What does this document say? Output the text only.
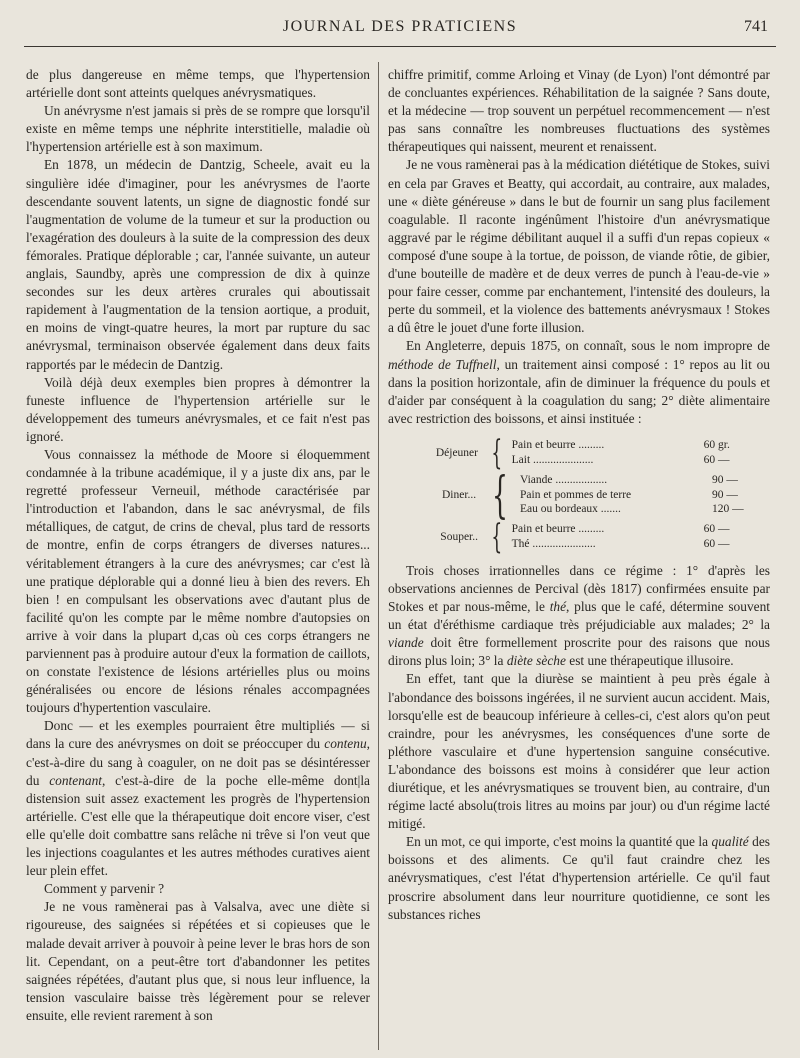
JOURNAL DES PRATICIENS	741

de plus dangereuse en même temps, que l'hypertension artérielle dont sont atteints quelques anévrysmatiques.

Un anévrysme n'est jamais si près de se rompre que lorsqu'il existe en même temps une néphrite interstitielle, maladie où l'hypertension artérielle est à son maximum.

En 1878, un médecin de Dantzig, Scheele, avait eu la singulière idée d'imaginer, pour les anévrysmes de l'aorte descendante souvent latents, un signe de diagnostic fondé sur l'augmentation de volume de la tumeur et sur la production ou l'exagération des douleurs à la suite de la compression des deux fémorales. Pratique déplorable ; car, l'année suivante, un auteur anglais, Saundby, après une compression de dix à quinze secondes sur les deux artères crurales qui aboutissait rapidement à l'augmentation de la tension aortique, a produit, en moins de vingt-quatre heures, la mort par rupture du sac anévrysmal, terminaison observée également dans deux faits rapportés par le médecin de Dantzig.

Voilà déjà deux exemples bien propres à démontrer la funeste influence de l'hypertension artérielle sur le développement des tumeurs anévrysmales, et ce fait n'est pas ignoré.

Vous connaissez la méthode de Moore si éloquemment condamnée à la tribune académique, il y a juste dix ans, par le regretté professeur Verneuil, méthode caractérisée par l'introduction et l'abandon, dans le sac anévrysmal, de fils métalliques, de catgut, de crins de cheval, plus tard de ressorts de montre, enfin de corps étrangers de diverses natures... véritablement étrangers à la cure des anévrysmes; car c'est là une pratique déplorable qui a donné lieu à bien des revers. Eh bien ! en compulsant les observations avec d'autant plus de facilité qu'on les compte par le même nombre d'autopsies on arrive à voir dans la plupart d,cas où ces corps étrangers ne parviennent pas à produire autour d'eux la formation de caillots, on constate l'existence de lésions artérielles plus ou moins généralisées ou encore de lésions rénales accompagnées toujours d'hypertention vasculaire.

Donc — et les exemples pourraient être multipliés — si dans la cure des anévrysmes on doit se préoccuper du contenu, c'est-à-dire du sang à coaguler, on ne doit pas se désintéresser du contenant, c'est-à-dire de la poche elle-même dont|la distension suit assez exactement les progrès de l'hypertension artérielle. C'est elle que la thérapeutique doit encore viser, c'est elle qu'elle doit combattre sans relâche ni trêve si l'on veut que les injections coagulantes et les autres méthodes curatives aient leur plein effet.

Comment y parvenir ?

Je ne vous ramènerai pas à Valsalva, avec une diète si rigoureuse, des saignées si répétées et si copieuses que le malade devait arriver à pouvoir à peine lever le bras hors de son lit. Cependant, on a peut-être tort d'abandonner les petites saignées répétées, d'autant plus que, si nous leur influence, la tension vasculaire baisse très légèrement pour se relever ensuite, elle revient rarement à son

chiffre primitif, comme Arloing et Vinay (de Lyon) l'ont démontré par de concluantes expériences. Réhabilitation de la saignée ? Sans doute, et la médecine — trop souvent un perpétuel recommencement — n'est pas sans connaître les nombreuses fluctuations des systèmes thérapeutiques qui naissent, meurent et renaissent.

Je ne vous ramènerai pas à la médication diététique de Stokes, suivi en cela par Graves et Beatty, qui accordait, au contraire, aux malades, une « diète généreuse » dans le but de fournir un sang plus facilement coagulable. Il raconte ingénûment l'histoire d'un anévrysmatique aggravé par le régime débilitant auquel il a suffi d'un repas copieux « composé d'une soupe à la tortue, de poisson, de viande rôtie, de gibier, d'une bouteille de madère et de deux verres de punch à l'eau-de-vie » pour faire cesser, comme par enchantement, l'intensité des douleurs, la perte du sommeil, et la violence des battements anévrysmaux ! Stokes a dû être le jouet d'une forte illusion.

En Angleterre, depuis 1875, on connaît, sous le nom impropre de méthode de Tuffnell, un traitement ainsi composé : 1° repos au lit ou dans la position horizontale, afin de diminuer la fréquence du pouls et d'aider par conséquent à la coagulation du sang; 2° diète alimentaire avec restriction des boissons, et ainsi instituée :

Déjeuner { Pain et beurre .........	60 gr.
Lait .....................	60 —
Diner... { Viande ..................	90 —
Pain et pommes de terre	90 —
Eau ou bordeaux .......	120 —
Souper.. { Pain et beurre .........	60 —
Thé ......................	60 —

Trois choses irrationnelles dans ce régime : 1° d'après les observations anciennes de Percival (dès 1817) confirmées ensuite par Stokes et par nous-même, le thé, plus que le café, détermine souvent un état d'éréthisme cardiaque très préjudiciable aux malades; 2° la viande doit être formellement proscrite pour des raisons que nous dirons plus loin; 3° la diète sèche est une thérapeutique illusoire.

En effet, tant que la diurèse se maintient à peu près égale à l'abondance des boissons ingérées, il ne survient aucun accident. Mais, lorsqu'elle est de beaucoup inférieure à celles-ci, c'est alors qu'on peut craindre, pour les anévrysmes, les conséquences d'une sorte de pléthore vasculaire et d'une hypertension sanguine consécutive. L'abondance des boissons est moins à considérer que leur action diurétique, et les anévrysmatiques se trouvent bien, au contraire, d'un régime lacté absolu(trois litres au moins par jour) ou d'un régime lacté mitigé.

En un mot, ce qui importe, c'est moins la quantité que la qualité des boissons et des aliments. Ce qu'il faut craindre chez les anévrysmatiques, c'est l'état d'hypertension artérielle. Ce qu'il faut proscrire absolument dans leur nourriture quotidienne, ce sont les substances riches
